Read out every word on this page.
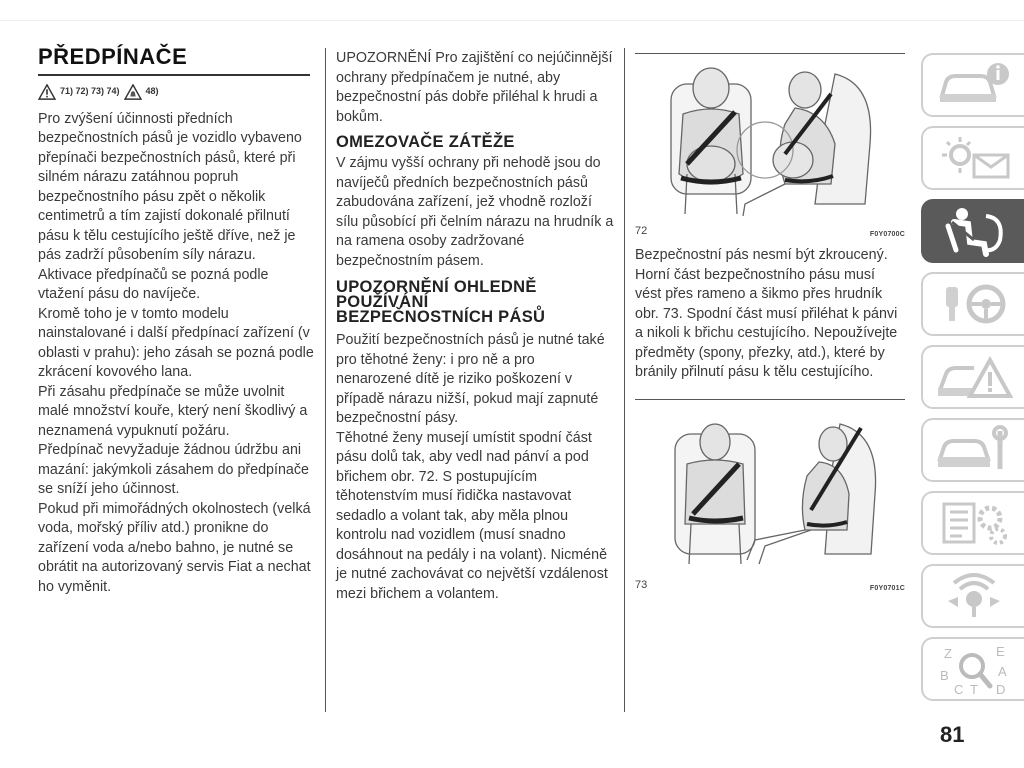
PŘEDPÍNAČE
71) 72) 73) 74)	48)

Pro zvýšení účinnosti předních bezpečnostních pásů je vozidlo vybaveno přepínači bezpečnostních pásů, které při silném nárazu zatáhnou popruh bezpečnostního pásu zpět o několik centimetrů a tím zajistí dokonalé přilnutí pásu k tělu cestujícího ještě dříve, než je pás zadrží působením síly nárazu.

Aktivace předpínačů se pozná podle vtažení pásu do navíječe.

Kromě toho je v tomto modelu nainstalované i další předpínací zařízení (v oblasti v prahu): jeho zásah se pozná podle zkrácení kovového lana.

Při zásahu předpínače se může uvolnit malé množství kouře, který není škodlivý a neznamená vypuknutí požáru.

Předpínač nevyžaduje žádnou údržbu ani mazání: jakýmkoli zásahem do předpínače se sníží jeho účinnost.

Pokud při mimořádných okolnostech (velká voda, mořský příliv atd.) pronikne do zařízení voda a/nebo bahno, je nutné se obrátit na autorizovaný servis Fiat a nechat ho vyměnit.

UPOZORNĚNÍ Pro zajištění co nejúčinnější ochrany předpínačem je nutné, aby bezpečnostní pás dobře přiléhal k hrudi a bokům.

OMEZOVAČE ZÁTĚŽE

V zájmu vyšší ochrany při nehodě jsou do navíječů předních bezpečnostních pásů zabudována zařízení, jež vhodně rozloží sílu působící při čelním nárazu na hrudník a na ramena osoby zadržované bezpečnostním pásem.

UPOZORNĚNÍ OHLEDNĚ
POUŽÍVÁNÍ
BEZPEČNOSTNÍCH PÁSŮ

Použití bezpečnostních pásů je nutné také pro těhotné ženy: i pro ně a pro nenarozené dítě je riziko poškození v případě nárazu nižší, pokud mají zapnuté bezpečnostní pásy.

Těhotné ženy musejí umístit spodní část pásu dolů tak, aby vedl nad pánví a pod břichem obr. 72. S postupujícím těhotenstvím musí řidička nastavovat sedadlo a volant tak, aby měla plnou kontrolu nad vozidlem (musí snadno dosáhnout na pedály i na volant). Nicméně je nutné zachovávat co největší vzdálenost mezi břichem a volantem.

72	F0Y0700C

Bezpečnostní pás nesmí být zkroucený. Horní část bezpečnostního pásu musí vést přes rameno a šikmo přes hrudník obr. 73. Spodní část musí přiléhat k pánvi a nikoli k břichu cestujícího. Nepoužívejte předměty (spony, přezky, atd.), které by bránily přilnutí pásu k tělu cestujícího.

73	F0Y0701C
Z	E
B	A
C T D
81
